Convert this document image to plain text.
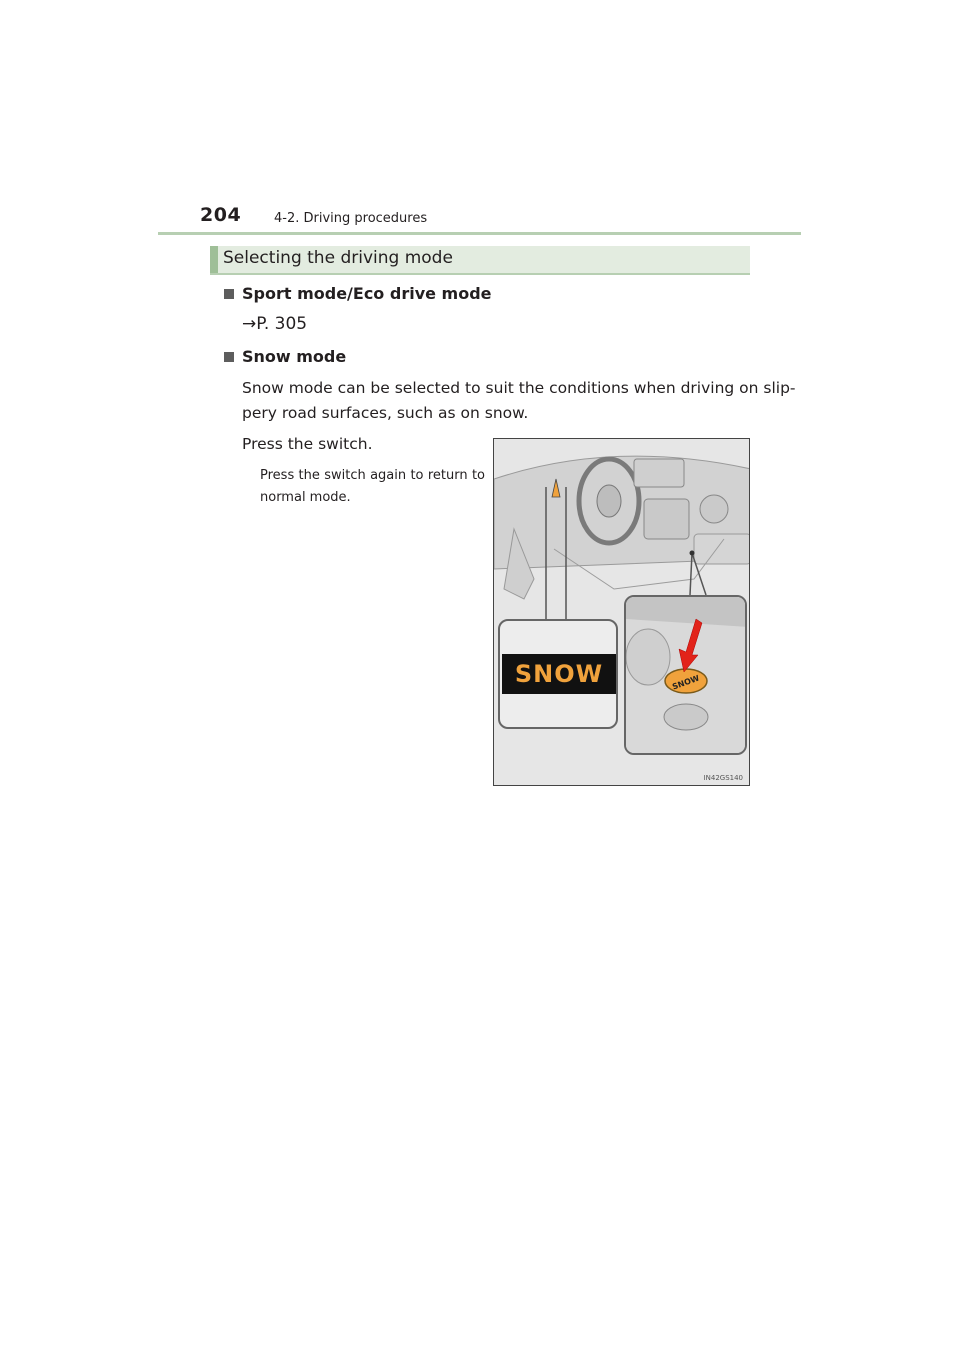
204	4-2. Driving procedures
Selecting the driving mode
Sport mode/Eco drive mode
→P. 305
Snow mode
Snow mode can be selected to suit the conditions when driving on slip-
pery road surfaces, such as on snow.
Press the switch.
Press the switch again to return to normal mode.
SNOW	SNOW
IN42GS140
